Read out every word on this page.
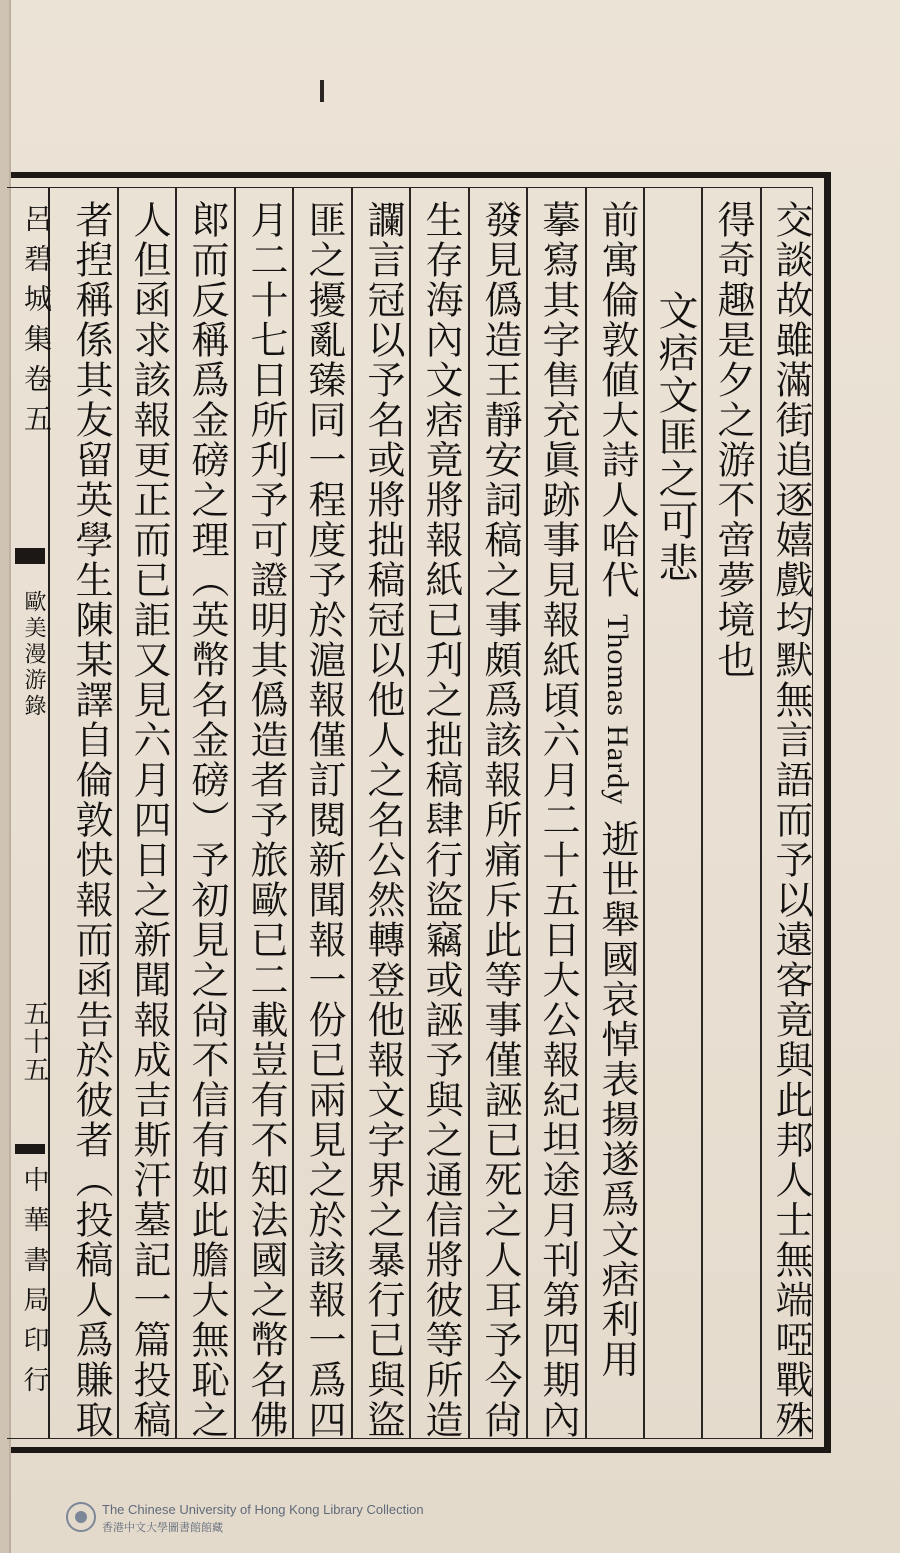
交談故雖滿街追逐嬉戲均默無言語而予以遠客竟與此邦人士無端啞戰殊
得奇趣是夕之游不啻夢境也
文痞文匪之可悲
前寓倫敦値大詩人哈代 Thomas Hardy 逝世舉國哀悼表揚遂爲文痞利用
摹寫其字售充眞跡事見報紙頃六月二十五日大公報紀坦途月刊第四期內
發見僞造王靜安詞稿之事頗爲該報所痛斥此等事僅誣已死之人耳予今尙
生存海內文痞竟將報紙已刋之拙稿肆行盜竊或誣予與之通信將彼等所造
讕言冠以予名或將拙稿冠以他人之名公然轉登他報文字界之暴行已與盜
匪之擾亂臻同一程度予於滬報僅訂閱新聞報一份已兩見之於該報一爲四
月二十七日所刋予可證明其僞造者予旅歐已二載豈有不知法國之幣名佛
郞而反稱爲金磅之理（英幣名金磅）予初見之尙不信有如此膽大無恥之
人但函求該報更正而已詎又見六月四日之新聞報成吉斯汗墓記一篇投稿
者揑稱係其友留英學生陳某譯自倫敦快報而函告於彼者（投稿人爲賺取
呂碧城集卷五
歐美漫游錄
五十五
中華書局印行
The Chinese University of Hong Kong Library Collection
香港中文大學圖書館館藏
